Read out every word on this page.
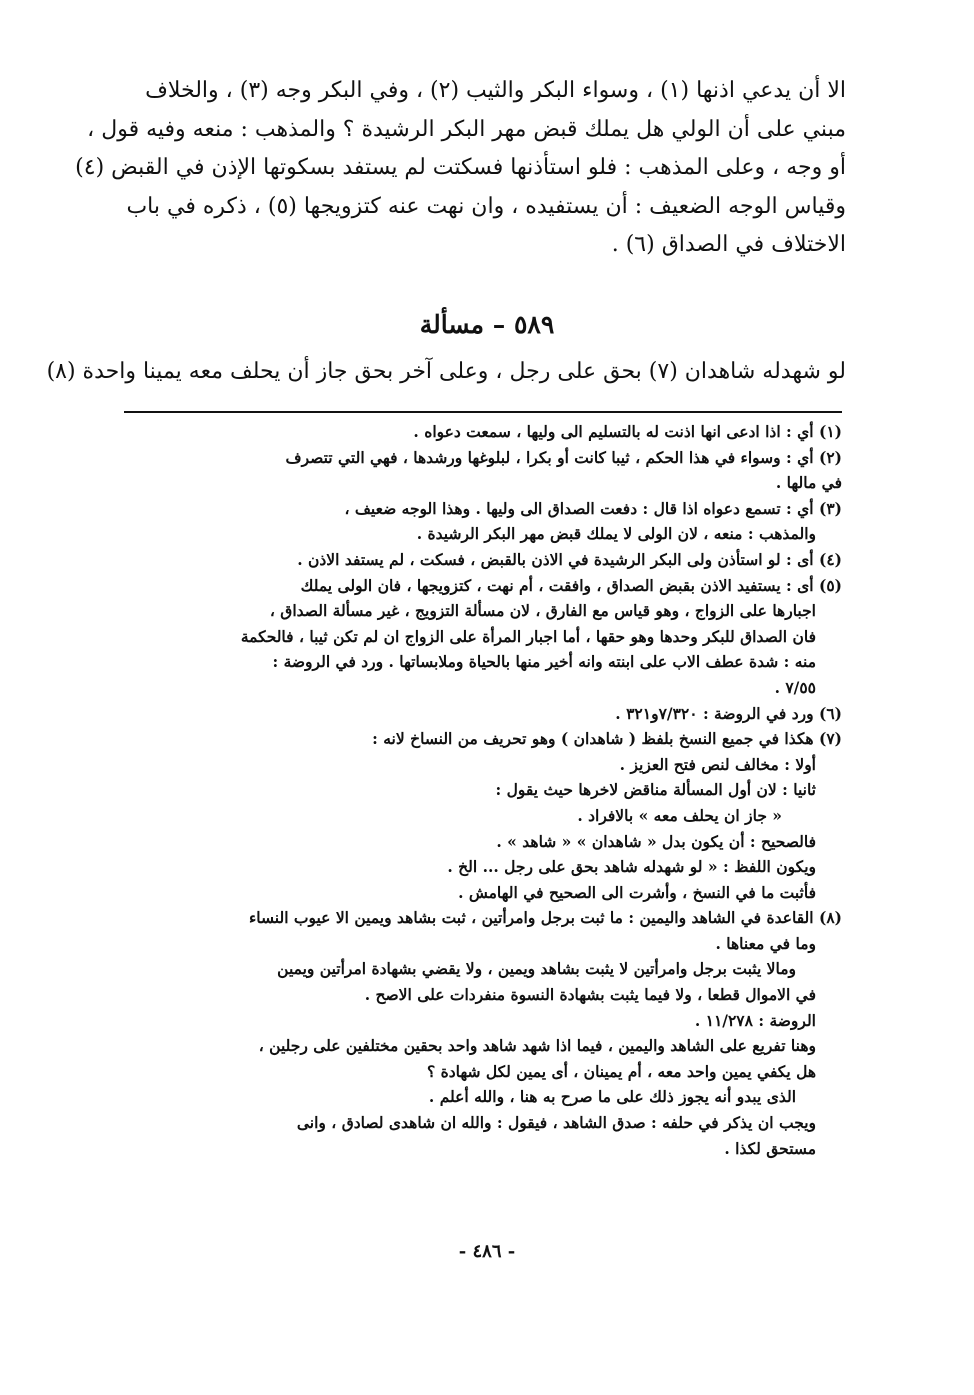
الا أن يدعي اذنها (١) ، وسواء البكر والثيب (٢) ، وفي البكر وجه (٣) ، والخلاف
مبني على أن الولي هل يملك قبض مهر البكر الرشيدة ؟ والمذهب : منعه وفيه قول ،
أو وجه ، وعلى المذهب : فلو استأذنها فسكتت لم يستفد بسكوتها الإذن في القبض (٤)
وقياس الوجه الضعيف : أن يستفيده ، وان نهت عنه كتزويجها (٥) ، ذكره في باب
الاختلاف في الصداق (٦) .
٥٨٩ – مسألة
لو شهدله شاهدان (٧) بحق على رجل ، وعلى آخر بحق جاز أن يحلف معه يمينا واحدة (٨)
(١) أي : اذا ادعى انها اذنت له بالتسليم الى وليها ، سمعت دعواه .
(٢) أي : وسواء في هذا الحكم ، ثيبا كانت أو بكرا ، لبلوغها ورشدها ، فهي التي تتصرف
في مالها .
(٣) أي : تسمع دعواه اذا قال : دفعت الصداق الى وليها . وهذا الوجه ضعيف ،
والمذهب : منعه ، لان الولى لا يملك قبض مهر البكر الرشيدة .
(٤) أى : لو استأذن ولى البكر الرشيدة في الاذن بالقبض ، فسكت ، لم يستفد الاذن .
(٥) أى : يستفيد الاذن بقبض الصداق ، وافقت ، أم نهت ، كتزويجها ، فان الولى يملك
اجبارها على الزواج ، وهو قياس مع الفارق ، لان مسألة التزويج ، غير مسألة الصداق ،
فان الصداق للبكر وحدها وهو حقها ، أما اجبار المرأة على الزواج ان لم تكن ثيبا ، فالحكمة
منه : شدة عطف الاب على ابنته وانه أخير منها بالحياة وملابساتها . ورد في الروضة :
٧/٥٥ .
(٦) ورد في الروضة : ٧/٣٢٠و٣٢١ .
(٧) هكذا في جميع النسخ بلفظ ( شاهدان ) وهو تحريف من النساخ لانه :
أولا : مخالف لنص فتح العزيز .
ثانيا : لان أول المسألة مناقض لاخرها حيث يقول :
« جاز ان يحلف معه » بالافراد .
فالصحيح : أن يكون بدل « شاهدان » « شاهد » .
ويكون اللفظ : « لو شهدله شاهد بحق على رجل ... الخ .
فأثبت ما في النسخ ، وأشرت الى الصحيح في الهامش .
(٨) القاعدة في الشاهد واليمين : ما ثبت برجل وامرأتين ، ثبت بشاهد ويمين الا عيوب النساء
وما في معناها .
ومالا يثبت برجل وامرأتين لا يثبت بشاهد ويمين ، ولا يقضي بشهادة امرأتين ويمين
في الاموال قطعا ، ولا فيما يثبت بشهادة النسوة منفردات على الاصح .
الروضة : ١١/٢٧٨ .
وهنا تفريع على الشاهد واليمين ، فيما اذا شهد شاهد واحد بحقين مختلفين على رجلين ،
هل يكفي يمين واحد معه ، أم يمينان ، أى يمين لكل شهادة ؟
الذى يبدو أنه يجوز ذلك على ما صرح به هنا ، والله أعلم .
ويجب ان يذكر في حلفه : صدق الشاهد ، فيقول : والله ان شاهدى لصادق ، وانى
مستحق لكذا .
- ٤٨٦ -
